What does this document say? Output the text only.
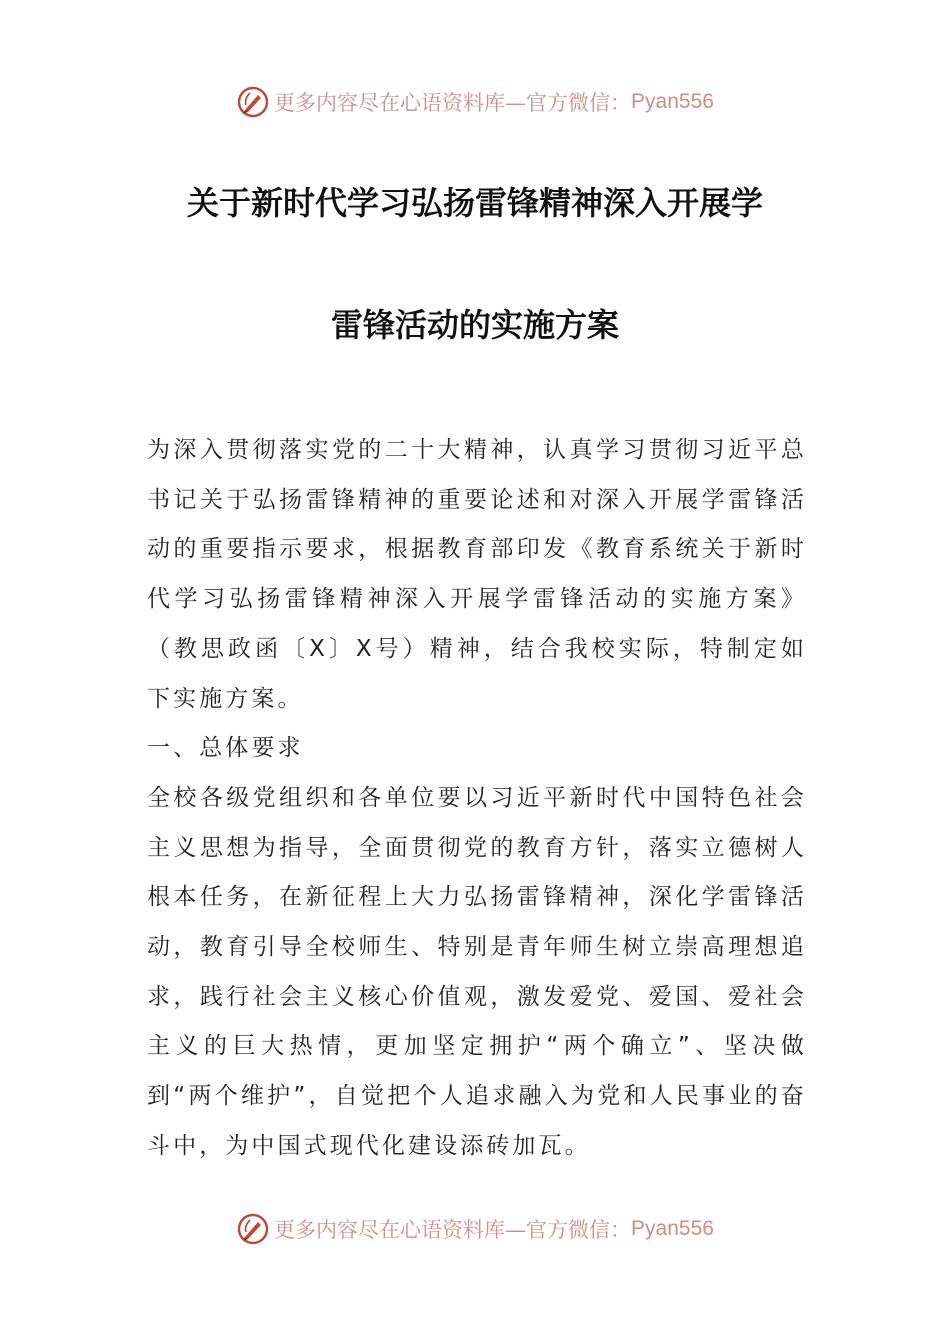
更多内容尽在心语资料库—官方微信： Pyan556
关于新时代学习弘扬雷锋精神深入开展学
雷锋活动的实施方案

为深入贯彻落实党的二十大精神，认真学习贯彻习近平总书记关于弘扬雷锋精神的重要论述和对深入开展学雷锋活动的重要指示要求，根据教育部印发《教育系统关于新时代学习弘扬雷锋精神深入开展学雷锋活动的实施方案》（教思政函〔X〕X号）精神，结合我校实际，特制定如下实施方案。

一、总体要求

全校各级党组织和各单位要以习近平新时代中国特色社会主义思想为指导，全面贯彻党的教育方针，落实立德树人根本任务，在新征程上大力弘扬雷锋精神，深化学雷锋活动，教育引导全校师生、特别是青年师生树立崇高理想追求，践行社会主义核心价值观，激发爱党、爱国、爱社会主义的巨大热情，更加坚定拥护“两个确立”、坚决做到“两个维护”，自觉把个人追求融入为党和人民事业的奋斗中，为中国式现代化建设添砖加瓦。

更多内容尽在心语资料库—官方微信： Pyan556
